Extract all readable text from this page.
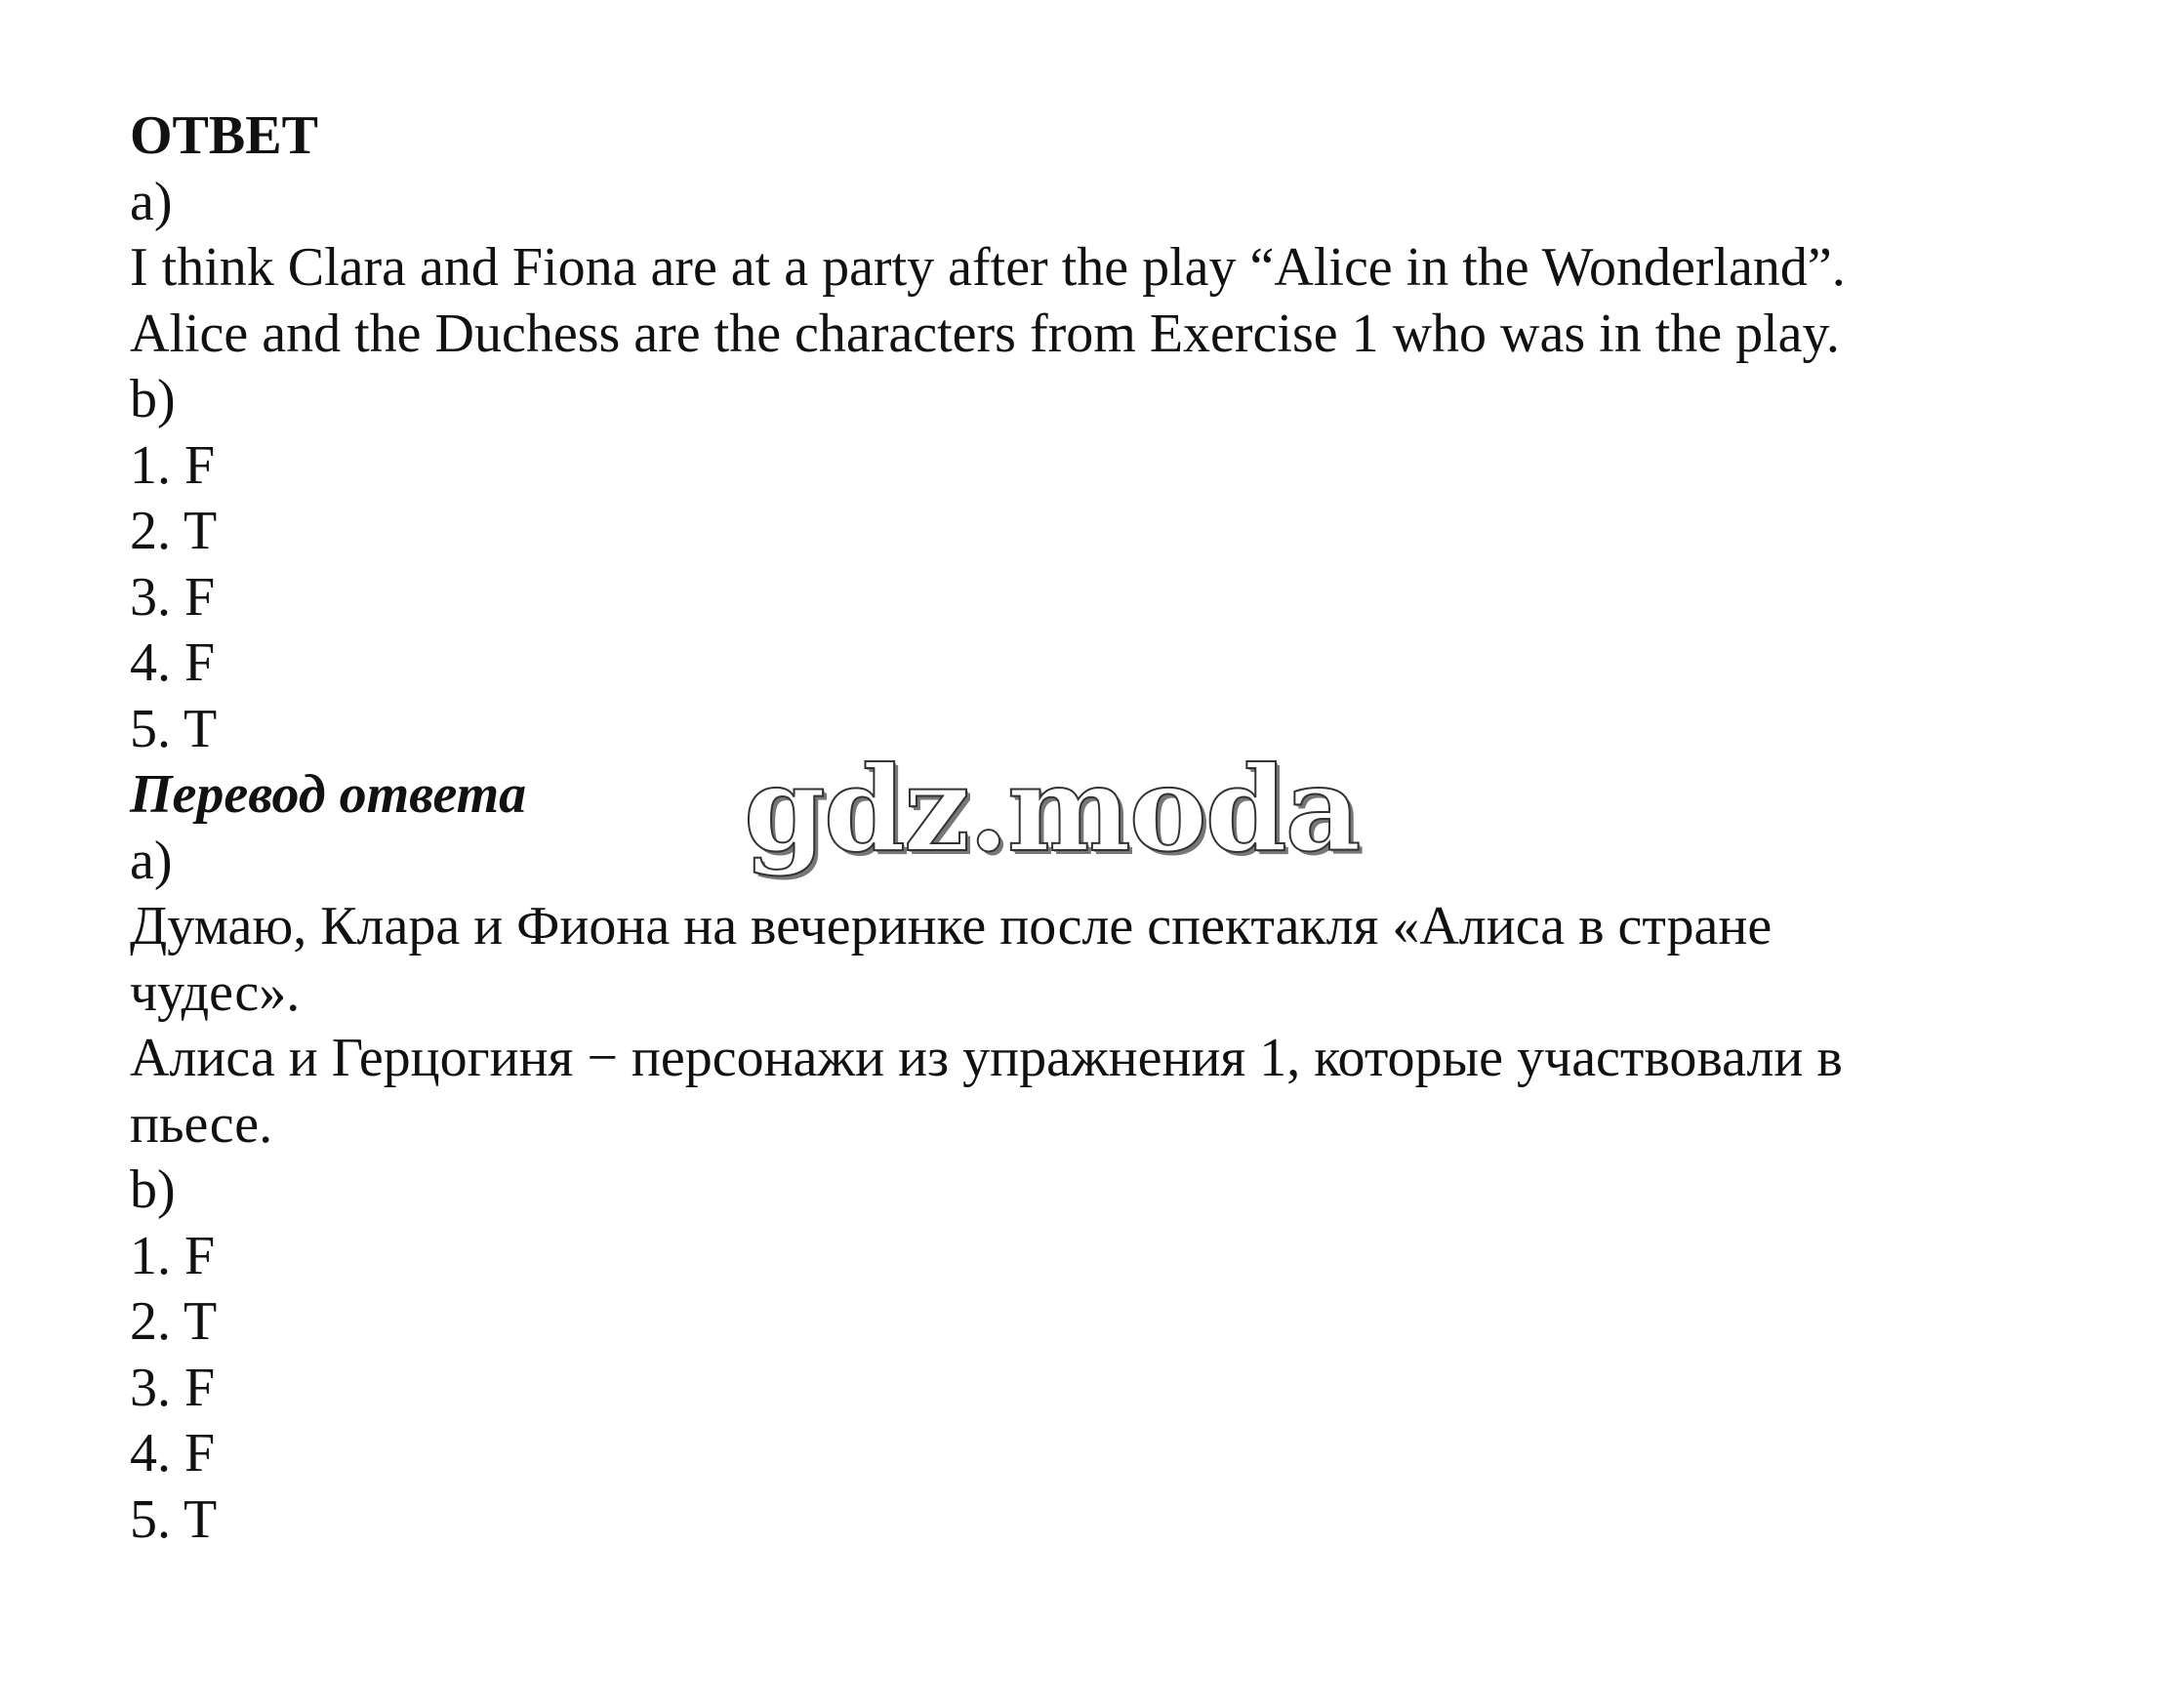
ОТВЕТ
a)
I think Clara and Fiona are at a party after the play “Alice in the Wonderland”.
Alice and the Duchess are the characters from Exercise 1 who was in the play.
b)
1. F
2. T
3. F
4. F
5. T
Перевод ответа
а)
Думаю, Клара и Фиона на вечеринке после спектакля «Алиса в стране
чудес».
Алиса и Герцогиня − персонажи из упражнения 1, которые участвовали в
пьесе.
b)
1. F
2. T
3. F
4. F
5. T
gdz.moda
